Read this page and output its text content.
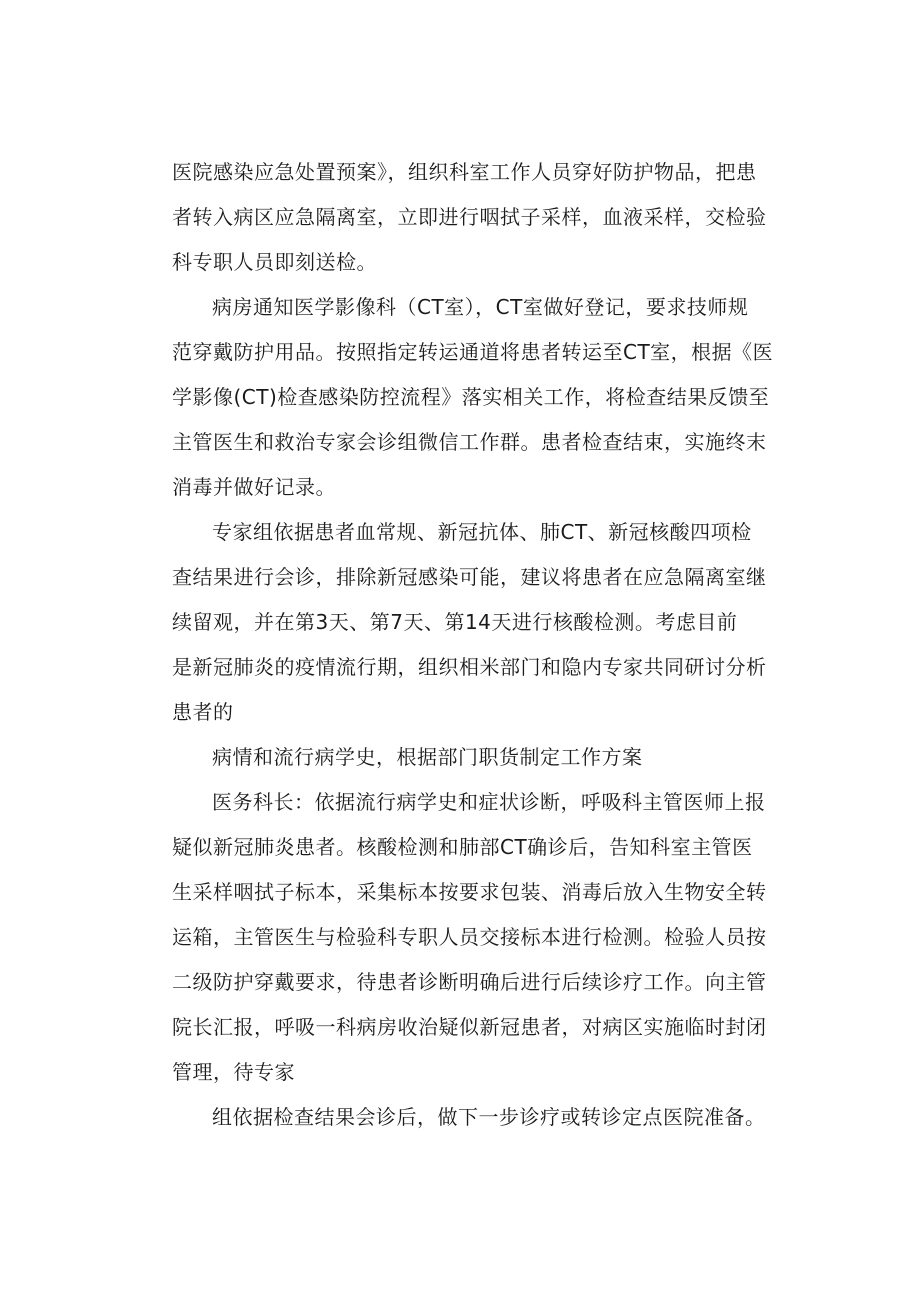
医院感染应急处置预案》，组织科室工作人员穿好防护物品，把患
者转入病区应急隔离室，立即进行咽拭子采样，血液采样，交检验
科专职人员即刻送检。
病房通知医学影像科（CT室），CT室做好登记，要求技师规
范穿戴防护用品。按照指定转运通道将患者转运至CT室，根据《医
学影像(CT)检查感染防控流程》落实相关工作，将检查结果反馈至
主管医生和救治专家会诊组微信工作群。患者检查结束，实施终末
消毒并做好记录。
专家组依据患者血常规、新冠抗体、肺CT、新冠核酸四项检
查结果进行会诊，排除新冠感染可能，建议将患者在应急隔离室继
续留观，并在第3天、第7天、第14天进行核酸检测。考虑目前
是新冠肺炎的疫情流行期，组织相米部门和隐内专家共同研讨分析
患者的
病情和流行病学史，根据部门职货制定工作方案
医务科长：依据流行病学史和症状诊断，呼吸科主管医师上报
疑似新冠肺炎患者。核酸检测和肺部CT确诊后，告知科室主管医
生采样咽拭子标本，采集标本按要求包装、消毒后放入生物安全转
运箱，主管医生与检验科专职人员交接标本进行检测。检验人员按
二级防护穿戴要求，待患者诊断明确后进行后续诊疗工作。向主管
院长汇报，呼吸一科病房收治疑似新冠患者，对病区实施临时封闭
管理，待专家
组依据检查结果会诊后，做下一步诊疗或转诊定点医院准备。
